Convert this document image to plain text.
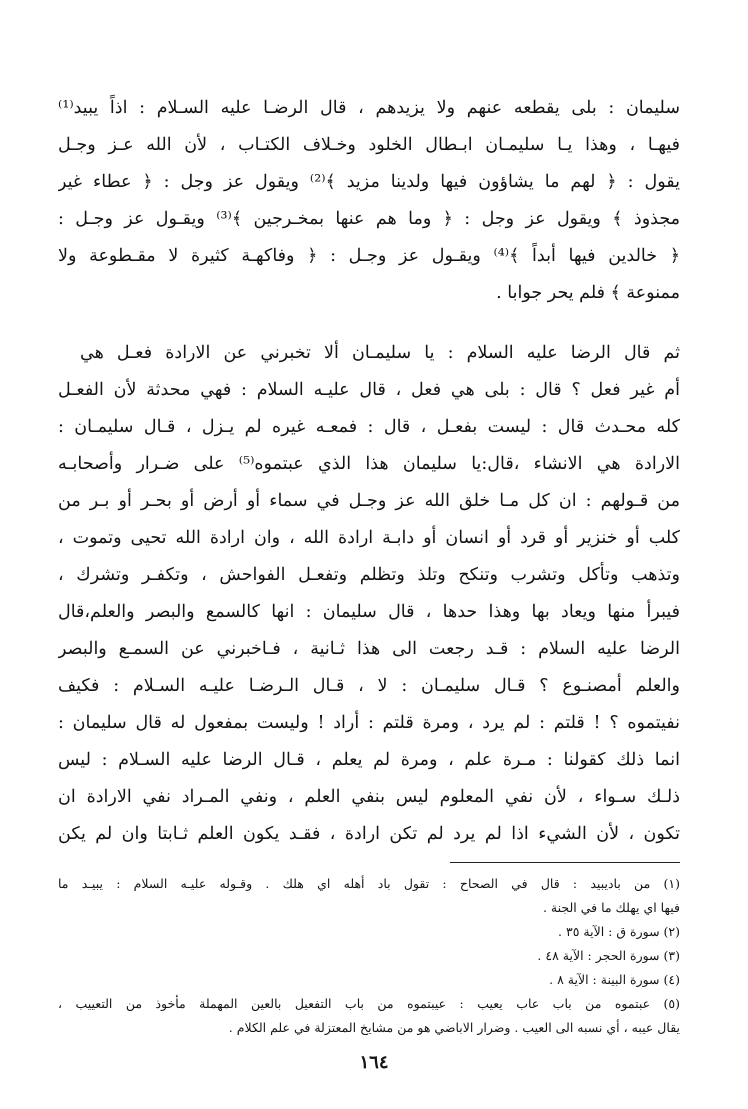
سليمان : بلى يقطعه عنهم ولا يزيدهم ، قال الرضـا عليه السـلام : اذاً يبيد⁽¹⁾
فيهـا ، وهذا يـا سليمـان ابـطال الخلود وخـلاف الكتـاب ، لأن الله عـز وجـل
يقول : ﴿ لهم ما يشاؤون فيها ولدينا مزيد ﴾⁽²⁾ ويقول عز وجل : ﴿ عطاء غير
مجذوذ ﴾ ويقول عز وجل : ﴿ وما هم عنها بمخـرجين ﴾⁽³⁾ ويقـول عز وجـل :
﴿ خالدين فيها أبداً ﴾⁽⁴⁾ ويقـول عز وجـل : ﴿ وفاكهـة كثيرة لا مقـطوعة ولا
ممنوعة ﴾ فلم يحر جوابا .
ثم قال الرضا عليه السلام : يا سليمـان ألا تخبرني عن الارادة فعـل هي
أم غير فعل ؟ قال : بلى هي فعل ، قال عليـه السلام : فهي محدثة لأن الفعـل
كله محـدث قال : ليست بفعـل ، قال : فمعـه غيره لم يـزل ، قـال سليمـان :
الارادة هي الانشاء ،قال:يا سليمان هذا الذي عبتموه⁽⁵⁾ على ضـرار وأصحابـه
من قـولهم : ان كل مـا خلق الله عز وجـل في سماء أو أرض أو بحـر أو بـر من
كلب أو خنزير أو قرد أو انسان أو دابـة ارادة الله ، وان ارادة الله تحيى وتموت ،
وتذهب وتأكل وتشرب وتنكح وتلذ وتظلم وتفعـل الفواحش ، وتكفـر وتشرك ،
فيبرأ منها ويعاد بها وهذا حدها ، قال سليمان : انها كالسمع والبصر والعلم،قال
الرضا عليه السلام : قـد رجعت الى هذا ثـانية ، فـاخبرني عن السمـع والبصر
والعلم أمصنـوع ؟ قـال سليمـان : لا ، قـال الـرضـا عليـه السـلام : فكيف
نفيتموه ؟ ! قلتم : لم يرد ، ومرة قلتم : أراد ! وليست بمفعول له قال سليمان :
انما ذلك كقولنا : مـرة علم ، ومرة لم يعلم ، قـال الرضا عليه السـلام : ليس
ذلـك سـواء ، لأن نفي المعلوم ليس بنفي العلم ، ونفي المـراد نفي الارادة ان
تكون ، لأن الشيء اذا لم يرد لم تكن ارادة ، فقـد يكون العلم ثـابتا وان لم يكن
(١) من باديبيد : قال في الصحاح : تقول باد أهله اي هلك . وقـوله عليـه السلام : يبيـد ما
فيها اي يهلك ما في الجنة .
(٢) سورة ق : الآية ٣٥ .
(٣) سورة الحجر : الآية ٤٨ .
(٤) سورة البينة : الآية ٨ .
(٥) عبتموه من باب عاب يعيب : عيبتموه من باب التفعيل بالعين المهملة مأخوذ من التعييب ،
يقال عيبه ، أي نسبه الى العيب . وضرار الاباضي هو من مشايخ المعتزلة في علم الكلام .
١٦٤
